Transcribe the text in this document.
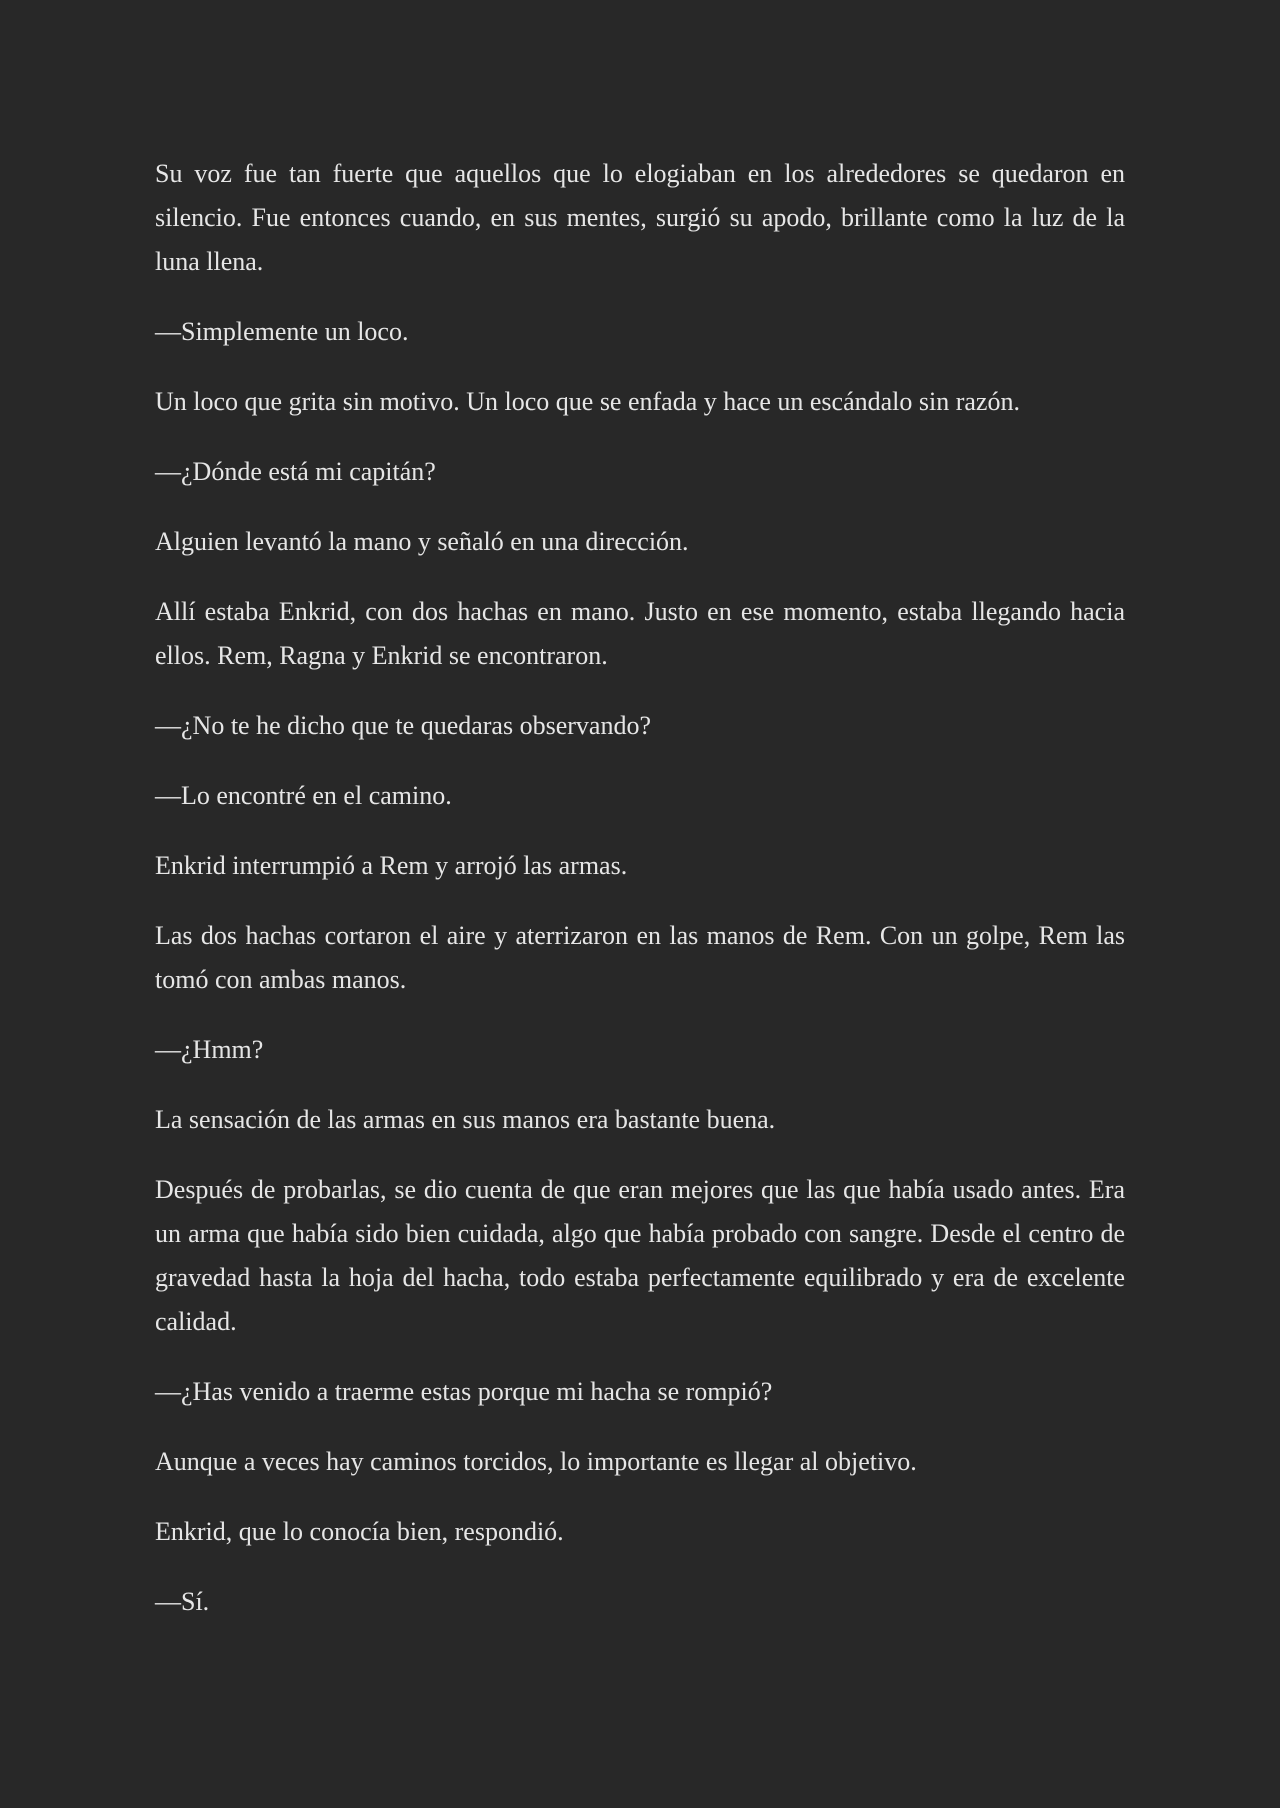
Su voz fue tan fuerte que aquellos que lo elogiaban en los alrededores se quedaron en silencio. Fue entonces cuando, en sus mentes, surgió su apodo, brillante como la luz de la luna llena.

—Simplemente un loco.

Un loco que grita sin motivo. Un loco que se enfada y hace un escándalo sin razón.

—¿Dónde está mi capitán?

Alguien levantó la mano y señaló en una dirección.

Allí estaba Enkrid, con dos hachas en mano. Justo en ese momento, estaba llegando hacia ellos. Rem, Ragna y Enkrid se encontraron.

—¿No te he dicho que te quedaras observando?

—Lo encontré en el camino.

Enkrid interrumpió a Rem y arrojó las armas.

Las dos hachas cortaron el aire y aterrizaron en las manos de Rem. Con un golpe, Rem las tomó con ambas manos.

—¿Hmm?

La sensación de las armas en sus manos era bastante buena.

Después de probarlas, se dio cuenta de que eran mejores que las que había usado antes. Era un arma que había sido bien cuidada, algo que había probado con sangre. Desde el centro de gravedad hasta la hoja del hacha, todo estaba perfectamente equilibrado y era de excelente calidad.

—¿Has venido a traerme estas porque mi hacha se rompió?

Aunque a veces hay caminos torcidos, lo importante es llegar al objetivo.

Enkrid, que lo conocía bien, respondió.

—Sí.
